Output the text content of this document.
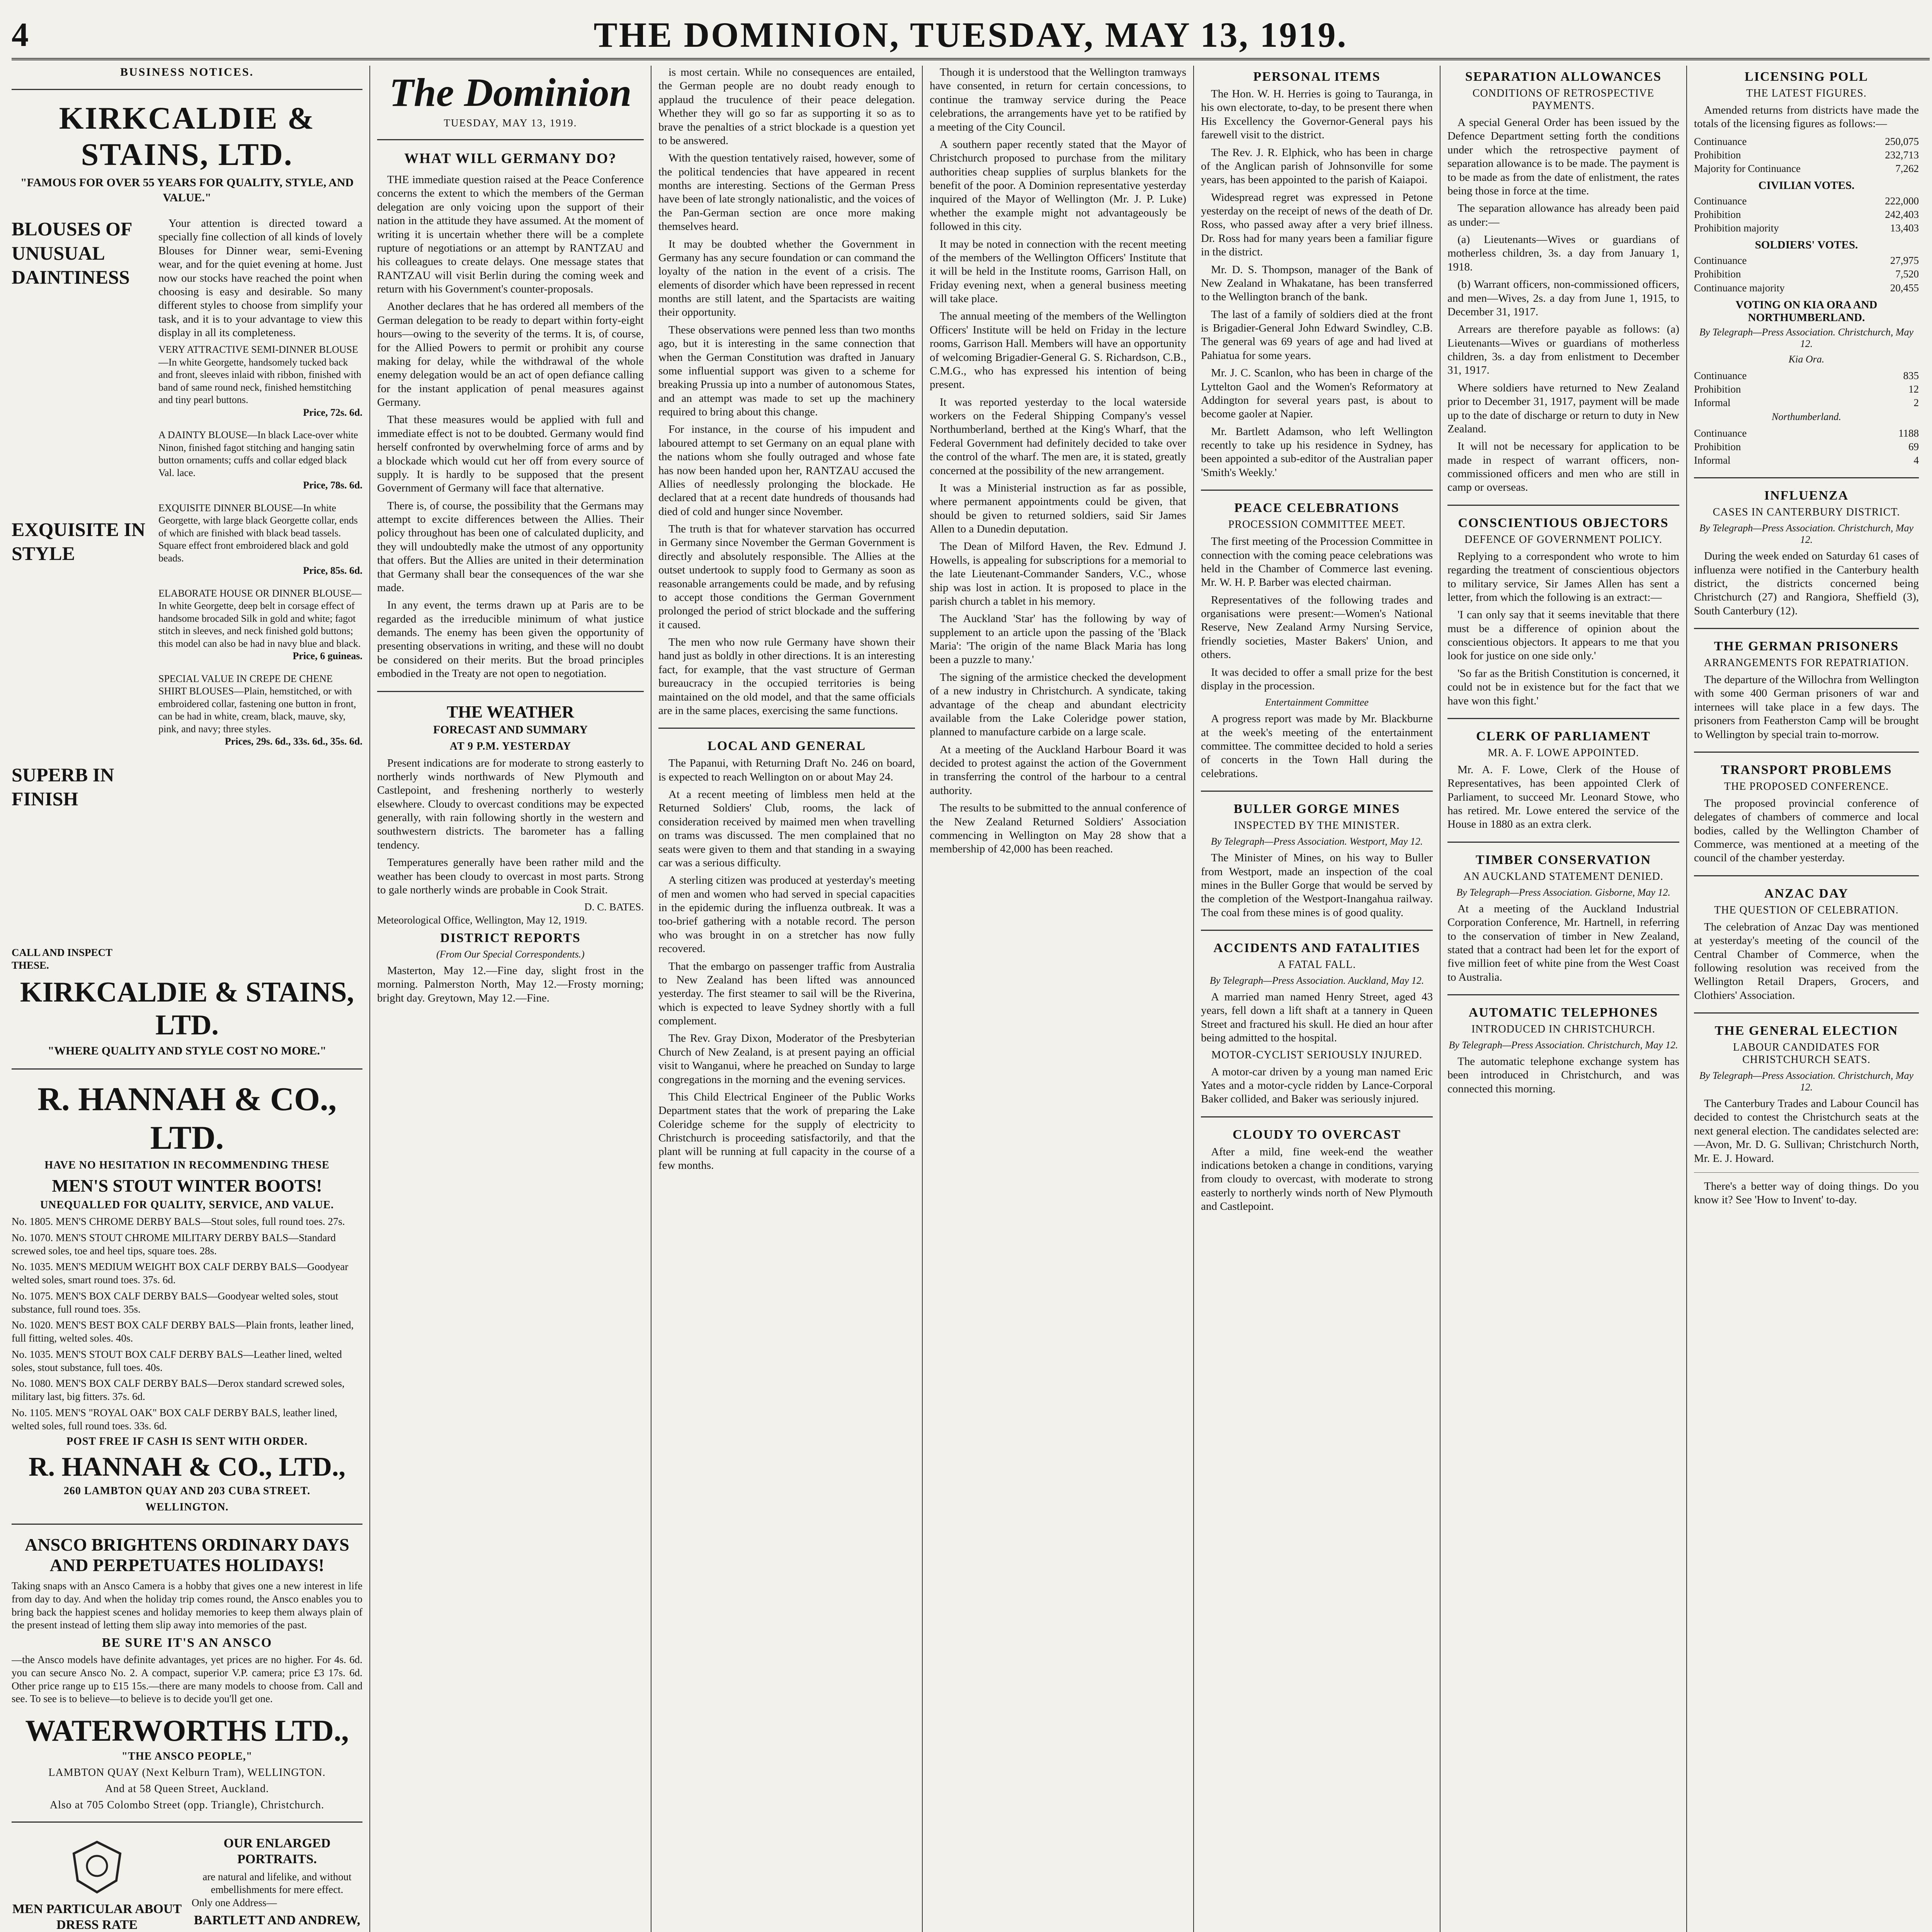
4	THE DOMINION, TUESDAY, MAY 13, 1919.
BUSINESS NOTICES.
KIRKCALDIE & STAINS, LTD.
"FAMOUS FOR OVER 55 YEARS FOR QUALITY, STYLE, AND VALUE."
BLOUSES OF UNUSUAL DAINTINESS
EXQUISITE IN STYLE
SUPERB IN FINISH
CALL AND INSPECT THESE.

Your attention is directed toward a specially fine collection of all kinds of lovely Blouses for Dinner wear, semi-Evening wear, and for the quiet evening at home. Just now our stocks have reached the point when choosing is easy and desirable. So many different styles to choose from simplify your task, and it is to your advantage to view this display in all its completeness.

VERY ATTRACTIVE SEMI-DINNER BLOUSE—In white Georgette, handsomely tucked back and front, sleeves inlaid with ribbon, finished with band of same round neck, finished hemstitching and tiny pearl buttons.
Price, 72s. 6d.
A DAINTY BLOUSE—In black Lace-over white Ninon, finished fagot stitching and hanging satin button ornaments; cuffs and collar edged black Val. lace.
Price, 78s. 6d.
EXQUISITE DINNER BLOUSE—In white Georgette, with large black Georgette collar, ends of which are finished with black bead tassels. Square effect front embroidered black and gold beads.
Price, 85s. 6d.
ELABORATE HOUSE OR DINNER BLOUSE—In white Georgette, deep belt in corsage effect of handsome brocaded Silk in gold and white; fagot stitch in sleeves, and neck finished gold buttons; this model can also be had in navy blue and black.
Price, 6 guineas.
SPECIAL VALUE IN CREPE DE CHENE SHIRT BLOUSES—Plain, hemstitched, or with embroidered collar, fastening one button in front, can be had in white, cream, black, mauve, sky, pink, and navy; three styles.
Prices, 29s. 6d., 33s. 6d., 35s. 6d.
KIRKCALDIE & STAINS, LTD.
"WHERE QUALITY AND STYLE COST NO MORE."
R. HANNAH & CO., LTD.
HAVE NO HESITATION IN RECOMMENDING THESE
MEN'S STOUT WINTER BOOTS!
UNEQUALLED FOR QUALITY, SERVICE, AND VALUE.
No. 1805. MEN'S CHROME DERBY BALS—Stout soles, full round toes. 27s.
No. 1070. MEN'S STOUT CHROME MILITARY DERBY BALS—Standard screwed soles, toe and heel tips, square toes. 28s.
No. 1035. MEN'S MEDIUM WEIGHT BOX CALF DERBY BALS—Goodyear welted soles, smart round toes. 37s. 6d.
No. 1075. MEN'S BOX CALF DERBY BALS—Goodyear welted soles, stout substance, full round toes. 35s.
No. 1020. MEN'S BEST BOX CALF DERBY BALS—Plain fronts, leather lined, full fitting, welted soles. 40s.
No. 1035. MEN'S STOUT BOX CALF DERBY BALS—Leather lined, welted soles, stout substance, full toes. 40s.
No. 1080. MEN'S BOX CALF DERBY BALS—Derox standard screwed soles, military last, big fitters. 37s. 6d.
No. 1105. MEN'S "ROYAL OAK" BOX CALF DERBY BALS, leather lined, welted soles, full round toes. 33s. 6d.
POST FREE IF CASH IS SENT WITH ORDER.
R. HANNAH & CO., LTD.,
260 LAMBTON QUAY AND 203 CUBA STREET.
WELLINGTON.
ANSCO BRIGHTENS ORDINARY DAYS AND PERPETUATES HOLIDAYS!
Taking snaps with an Ansco Camera is a hobby that gives one a new interest in life from day to day. And when the holiday trip comes round, the Ansco enables you to bring back the happiest scenes and holiday memories to keep them always plain of the present instead of letting them slip away into memories of the past.
BE SURE IT'S AN ANSCO
—the Ansco models have definite advantages, yet prices are no higher. For 4s. 6d. you can secure Ansco No. 2. A compact, superior V.P. camera; price £3 17s. 6d. Other price range up to £15 15s.—there are many models to choose from. Call and see. To see is to believe—to believe is to decide you'll get one.
WATERWORTHS LTD.,
"THE ANSCO PEOPLE,"
LAMBTON QUAY (Next Kelburn Tram), WELLINGTON.
And at 58 Queen Street, Auckland.
Also at 705 Colombo Street (opp. Triangle), Christchurch.
MEN PARTICULAR ABOUT DRESS RATE
OUR ENLARGED PORTRAITS.
are natural and lifelike, and without embellishments for mere effect.
Only one Address—
BARTLETT AND ANDREW,
The Dominion
TUESDAY, MAY 13, 1919.
WHAT WILL GERMANY DO?

THE immediate question raised at the Peace Conference concerns the extent to which the members of the German delegation are only voicing upon the support of their nation in the attitude they have assumed. At the moment of writing it is uncertain whether there will be a complete rupture of negotiations or an attempt by RANTZAU and his colleagues to create delays. One message states that RANTZAU will visit Berlin during the coming week and return with his Government's counter-proposals.

Another declares that he has ordered all members of the German delegation to be ready to depart within forty-eight hours—owing to the severity of the terms. It is, of course, for the Allied Powers to permit or prohibit any course making for delay, while the withdrawal of the whole enemy delegation would be an act of open defiance calling for the instant application of penal measures against Germany.

That these measures would be applied with full and immediate effect is not to be doubted. Germany would find herself confronted by overwhelming force of arms and by a blockade which would cut her off from every source of supply. It is hardly to be supposed that the present Government of Germany will face that alternative.

There is, of course, the possibility that the Germans may attempt to excite differences between the Allies. Their policy throughout has been one of calculated duplicity, and they will undoubtedly make the utmost of any opportunity that offers. But the Allies are united in their determination that Germany shall bear the consequences of the war she made.

In any event, the terms drawn up at Paris are to be regarded as the irreducible minimum of what justice demands. The enemy has been given the opportunity of presenting observations in writing, and these will no doubt be considered on their merits. But the broad principles embodied in the Treaty are not open to negotiation.

THE WEATHER
FORECAST AND SUMMARY
AT 9 P.M. YESTERDAY

Present indications are for moderate to strong easterly to northerly winds northwards of New Plymouth and Castlepoint, and freshening northerly to westerly elsewhere. Cloudy to overcast conditions may be expected generally, with rain following shortly in the western and southwestern districts. The barometer has a falling tendency.

Temperatures generally have been rather mild and the weather has been cloudy to overcast in most parts. Strong to gale northerly winds are probable in Cook Strait.

D. C. BATES.
Meteorological Office, Wellington, May 12, 1919.
DISTRICT REPORTS
(From Our Special Correspondents.)

Masterton, May 12.—Fine day, slight frost in the morning. Palmerston North, May 12.—Frosty morning; bright day. Greytown, May 12.—Fine.

is most certain. While no consequences are entailed, the German people are no doubt ready enough to applaud the truculence of their peace delegation. Whether they will go so far as supporting it so as to brave the penalties of a strict blockade is a question yet to be answered.

With the question tentatively raised, however, some of the political tendencies that have appeared in recent months are interesting. Sections of the German Press have been of late strongly nationalistic, and the voices of the Pan-German section are once more making themselves heard.

It may be doubted whether the Government in Germany has any secure foundation or can command the loyalty of the nation in the event of a crisis. The elements of disorder which have been repressed in recent months are still latent, and the Spartacists are waiting their opportunity.

These observations were penned less than two months ago, but it is interesting in the same connection that when the German Constitution was drafted in January some influential support was given to a scheme for breaking Prussia up into a number of autonomous States, and an attempt was made to set up the machinery required to bring about this change.

For instance, in the course of his impudent and laboured attempt to set Germany on an equal plane with the nations whom she foully outraged and whose fate has now been handed upon her, RANTZAU accused the Allies of needlessly prolonging the blockade. He declared that at a recent date hundreds of thousands had died of cold and hunger since November.

The truth is that for whatever starvation has occurred in Germany since November the German Government is directly and absolutely responsible. The Allies at the outset undertook to supply food to Germany as soon as reasonable arrangements could be made, and by refusing to accept those conditions the German Government prolonged the period of strict blockade and the suffering it caused.

The men who now rule Germany have shown their hand just as boldly in other directions. It is an interesting fact, for example, that the vast structure of German bureaucracy in the occupied territories is being maintained on the old model, and that the same officials are in the same places, exercising the same functions.

LOCAL AND GENERAL

The Papanui, with Returning Draft No. 246 on board, is expected to reach Wellington on or about May 24.

At a recent meeting of limbless men held at the Returned Soldiers' Club, rooms, the lack of consideration received by maimed men when travelling on trams was discussed. The men complained that no seats were given to them and that standing in a swaying car was a serious difficulty.

A sterling citizen was produced at yesterday's meeting of men and women who had served in special capacities in the epidemic during the influenza outbreak. It was a too-brief gathering with a notable record. The person who was brought in on a stretcher has now fully recovered.

That the embargo on passenger traffic from Australia to New Zealand has been lifted was announced yesterday. The first steamer to sail will be the Riverina, which is expected to leave Sydney shortly with a full complement.

The Rev. Gray Dixon, Moderator of the Presbyterian Church of New Zealand, is at present paying an official visit to Wanganui, where he preached on Sunday to large congregations in the morning and the evening services.

This Child Electrical Engineer of the Public Works Department states that the work of preparing the Lake Coleridge scheme for the supply of electricity to Christchurch is proceeding satisfactorily, and that the plant will be running at full capacity in the course of a few months.

Though it is understood that the Wellington tramways have consented, in return for certain concessions, to continue the tramway service during the Peace celebrations, the arrangements have yet to be ratified by a meeting of the City Council.

A southern paper recently stated that the Mayor of Christchurch proposed to purchase from the military authorities cheap supplies of surplus blankets for the benefit of the poor. A Dominion representative yesterday inquired of the Mayor of Wellington (Mr. J. P. Luke) whether the example might not advantageously be followed in this city.

It may be noted in connection with the recent meeting of the members of the Wellington Officers' Institute that it will be held in the Institute rooms, Garrison Hall, on Friday evening next, when a general business meeting will take place.

The annual meeting of the members of the Wellington Officers' Institute will be held on Friday in the lecture rooms, Garrison Hall. Members will have an opportunity of welcoming Brigadier-General G. S. Richardson, C.B., C.M.G., who has expressed his intention of being present.

It was reported yesterday to the local waterside workers on the Federal Shipping Company's vessel Northumberland, berthed at the King's Wharf, that the Federal Government had definitely decided to take over the control of the wharf. The men are, it is stated, greatly concerned at the possibility of the new arrangement.

It was a Ministerial instruction as far as possible, where permanent appointments could be given, that should be given to returned soldiers, said Sir James Allen to a Dunedin deputation.

The Dean of Milford Haven, the Rev. Edmund J. Howells, is appealing for subscriptions for a memorial to the late Lieutenant-Commander Sanders, V.C., whose ship was lost in action. It is proposed to place in the parish church a tablet in his memory.

The Auckland 'Star' has the following by way of supplement to an article upon the passing of the 'Black Maria': 'The origin of the name Black Maria has long been a puzzle to many.'

The signing of the armistice checked the development of a new industry in Christchurch. A syndicate, taking advantage of the cheap and abundant electricity available from the Lake Coleridge power station, planned to manufacture carbide on a large scale.

At a meeting of the Auckland Harbour Board it was decided to protest against the action of the Government in transferring the control of the harbour to a central authority.

The results to be submitted to the annual conference of the New Zealand Returned Soldiers' Association commencing in Wellington on May 28 show that a membership of 42,000 has been reached.

PERSONAL ITEMS

The Hon. W. H. Herries is going to Tauranga, in his own electorate, to-day, to be present there when His Excellency the Governor-General pays his farewell visit to the district.

The Rev. J. R. Elphick, who has been in charge of the Anglican parish of Johnsonville for some years, has been appointed to the parish of Kaiapoi.

Widespread regret was expressed in Petone yesterday on the receipt of news of the death of Dr. Ross, who passed away after a very brief illness. Dr. Ross had for many years been a familiar figure in the district.

Mr. D. S. Thompson, manager of the Bank of New Zealand in Whakatane, has been transferred to the Wellington branch of the bank.

The last of a family of soldiers died at the front is Brigadier-General John Edward Swindley, C.B. The general was 69 years of age and had lived at Pahiatua for some years.

Mr. J. C. Scanlon, who has been in charge of the Lyttelton Gaol and the Women's Reformatory at Addington for several years past, is about to become gaoler at Napier.

Mr. Bartlett Adamson, who left Wellington recently to take up his residence in Sydney, has been appointed a sub-editor of the Australian paper 'Smith's Weekly.'

PEACE CELEBRATIONS
PROCESSION COMMITTEE MEET.

The first meeting of the Procession Committee in connection with the coming peace celebrations was held in the Chamber of Commerce last evening. Mr. W. H. P. Barber was elected chairman.

Representatives of the following trades and organisations were present:—Women's National Reserve, New Zealand Army Nursing Service, friendly societies, Master Bakers' Union, and others.

It was decided to offer a small prize for the best display in the procession.

Entertainment Committee

A progress report was made by Mr. Blackburne at the week's meeting of the entertainment committee. The committee decided to hold a series of concerts in the Town Hall during the celebrations.

BULLER GORGE MINES
INSPECTED BY THE MINISTER.
By Telegraph—Press Association. Westport, May 12.

The Minister of Mines, on his way to Buller from Westport, made an inspection of the coal mines in the Buller Gorge that would be served by the completion of the Westport-Inangahua railway. The coal from these mines is of good quality.

ACCIDENTS AND FATALITIES
A FATAL FALL.
By Telegraph—Press Association. Auckland, May 12.

A married man named Henry Street, aged 43 years, fell down a lift shaft at a tannery in Queen Street and fractured his skull. He died an hour after being admitted to the hospital.

MOTOR-CYCLIST SERIOUSLY INJURED.

A motor-car driven by a young man named Eric Yates and a motor-cycle ridden by Lance-Corporal Baker collided, and Baker was seriously injured.

CLOUDY TO OVERCAST

After a mild, fine week-end the weather indications betoken a change in conditions, varying from cloudy to overcast, with moderate to strong easterly to northerly winds north of New Plymouth and Castlepoint.

SEPARATION ALLOWANCES
CONDITIONS OF RETROSPECTIVE PAYMENTS.

A special General Order has been issued by the Defence Department setting forth the conditions under which the retrospective payment of separation allowance is to be made. The payment is to be made as from the date of enlistment, the rates being those in force at the time.

The separation allowance has already been paid as under:—

(a) Lieutenants—Wives or guardians of motherless children, 3s. a day from January 1, 1918.

(b) Warrant officers, non-commissioned officers, and men—Wives, 2s. a day from June 1, 1915, to December 31, 1917.

Arrears are therefore payable as follows: (a) Lieutenants—Wives or guardians of motherless children, 3s. a day from enlistment to December 31, 1917.

Where soldiers have returned to New Zealand prior to December 31, 1917, payment will be made up to the date of discharge or return to duty in New Zealand.

It will not be necessary for application to be made in respect of warrant officers, non-commissioned officers and men who are still in camp or overseas.

CONSCIENTIOUS OBJECTORS
DEFENCE OF GOVERNMENT POLICY.

Replying to a correspondent who wrote to him regarding the treatment of conscientious objectors to military service, Sir James Allen has sent a letter, from which the following is an extract:—

'I can only say that it seems inevitable that there must be a difference of opinion about the conscientious objectors. It appears to me that you look for justice on one side only.'

'So far as the British Constitution is concerned, it could not be in existence but for the fact that we have won this fight.'

CLERK OF PARLIAMENT
MR. A. F. LOWE APPOINTED.

Mr. A. F. Lowe, Clerk of the House of Representatives, has been appointed Clerk of Parliament, to succeed Mr. Leonard Stowe, who has retired. Mr. Lowe entered the service of the House in 1880 as an extra clerk.

TIMBER CONSERVATION
AN AUCKLAND STATEMENT DENIED.
By Telegraph—Press Association. Gisborne, May 12.

At a meeting of the Auckland Industrial Corporation Conference, Mr. Hartnell, in referring to the conservation of timber in New Zealand, stated that a contract had been let for the export of five million feet of white pine from the West Coast to Australia.

AUTOMATIC TELEPHONES
INTRODUCED IN CHRISTCHURCH.
By Telegraph—Press Association. Christchurch, May 12.

The automatic telephone exchange system has been introduced in Christchurch, and was connected this morning.

LICENSING POLL
THE LATEST FIGURES.

Amended returns from districts have made the totals of the licensing figures as follows:—

Continuance	250,075
Prohibition	232,713
Majority for Continuance	7,262
CIVILIAN VOTES.
Continuance	222,000
Prohibition	242,403
Prohibition majority	13,403
SOLDIERS' VOTES.
Continuance	27,975
Prohibition	7,520
Continuance majority	20,455
VOTING ON KIA ORA AND NORTHUMBERLAND.
By Telegraph—Press Association. Christchurch, May 12.
Kia Ora.
Continuance	835
Prohibition	12
Informal	2
Northumberland.
Continuance	1188
Prohibition	69
Informal	4
INFLUENZA
CASES IN CANTERBURY DISTRICT.
By Telegraph—Press Association. Christchurch, May 12.

During the week ended on Saturday 61 cases of influenza were notified in the Canterbury health district, the districts concerned being Christchurch (27) and Rangiora, Sheffield (3), South Canterbury (12).

THE GERMAN PRISONERS
ARRANGEMENTS FOR REPATRIATION.

The departure of the Willochra from Wellington with some 400 German prisoners of war and internees will take place in a few days. The prisoners from Featherston Camp will be brought to Wellington by special train to-morrow.

TRANSPORT PROBLEMS
THE PROPOSED CONFERENCE.

The proposed provincial conference of delegates of chambers of commerce and local bodies, called by the Wellington Chamber of Commerce, was mentioned at a meeting of the council of the chamber yesterday.

ANZAC DAY
THE QUESTION OF CELEBRATION.

The celebration of Anzac Day was mentioned at yesterday's meeting of the council of the Central Chamber of Commerce, when the following resolution was received from the Wellington Retail Drapers, Grocers, and Clothiers' Association.

THE GENERAL ELECTION
LABOUR CANDIDATES FOR CHRISTCHURCH SEATS.
By Telegraph—Press Association. Christchurch, May 12.

The Canterbury Trades and Labour Council has decided to contest the Christchurch seats at the next general election. The candidates selected are:—Avon, Mr. D. G. Sullivan; Christchurch North, Mr. E. J. Howard.

There's a better way of doing things. Do you know it? See 'How to Invent' to-day.
